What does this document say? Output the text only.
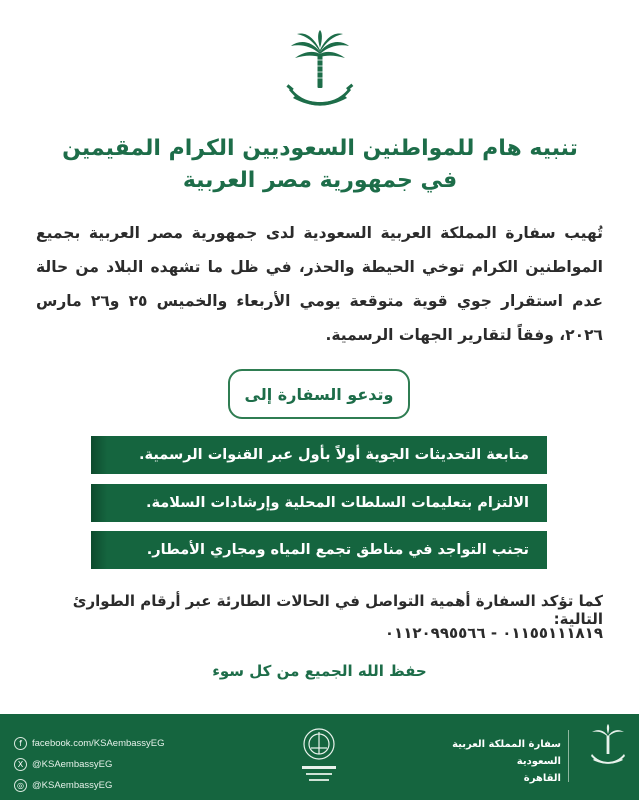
تنبيه هام للمواطنين السعوديين الكرام المقيمين
في جمهورية مصر العربية
تُهيب سفارة المملكة العربية السعودية لدى جمهورية مصر العربية بجميع المواطنين الكرام توخي الحيطة والحذر، في ظل ما تشهده البلاد من حالة عدم استقرار جوي قوية متوقعة يومي الأربعاء والخميس ٢٥ و٢٦ مارس ٢٠٢٦، وفقاً لتقارير الجهات الرسمية.
وتدعو السفارة إلى
متابعة التحديثات الجوية أولاً بأول عبر القنوات الرسمية.
الالتزام بتعليمات السلطات المحلية وإرشادات السلامة.
تجنب التواجد في مناطق تجمع المياه ومجاري الأمطار.
كما تؤكد السفارة أهمية التواصل في الحالات الطارئة عبر أرقام الطوارئ التالية:
٠١١٥٥١١١٨١٩ - ٠١١٢٠٩٩٥٥٦٦
حفظ الله الجميع من كل سوء
f	facebook.com/KSAembassyEG
X @KSAembassyEG
◎ @KSAembassyEG
سفارة المملكة العربية السعودية
القاهرة
